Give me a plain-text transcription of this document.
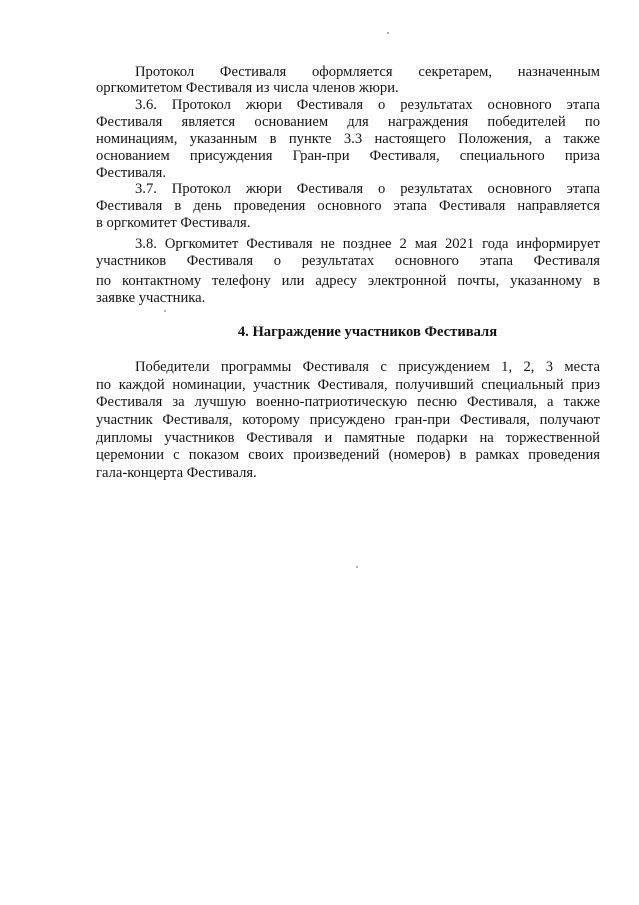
Протокол Фестиваля оформляется секретарем, назначенным
оргкомитетом Фестиваля из числа членов жюри.
3.6. Протокол жюри Фестиваля о результатах основного этапа
Фестиваля является основанием для награждения победителей по
номинациям, указанным в пункте 3.3 настоящего Положения, а также
основанием присуждения Гран-при Фестиваля, специального приза
Фестиваля.
3.7. Протокол жюри Фестиваля о результатах основного этапа
Фестиваля в день проведения основного этапа Фестиваля направляется
в оргкомитет Фестиваля.
3.8. Оргкомитет Фестиваля не позднее 2 мая 2021 года информирует
участников Фестиваля о результатах основного этапа Фестиваля
по контактному телефону или адресу электронной почты, указанному в
заявке участника.
4. Награждение участников Фестиваля
Победители программы Фестиваля с присуждением 1, 2, 3 места
по каждой номинации, участник Фестиваля, получивший специальный приз
Фестиваля за лучшую военно-патриотическую песню Фестиваля, а также
участник Фестиваля, которому присуждено гран-при Фестиваля, получают
дипломы участников Фестиваля и памятные подарки на торжественной
церемонии с показом своих произведений (номеров) в рамках проведения
гала-концерта Фестиваля.
